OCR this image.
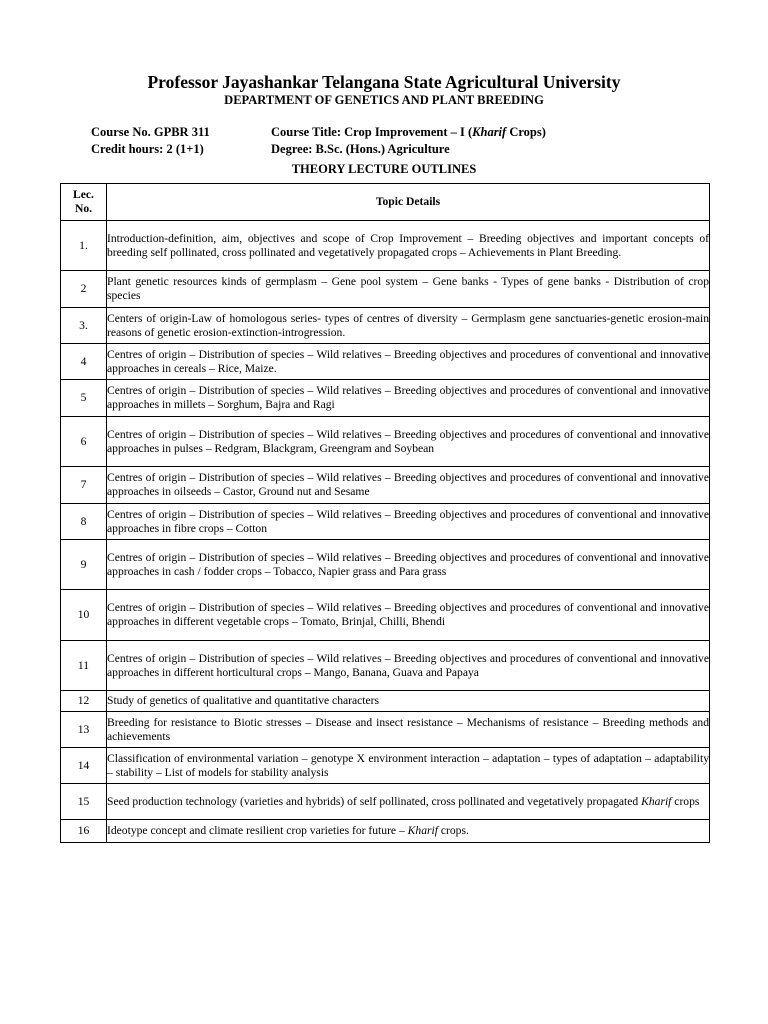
Professor Jayashankar Telangana State Agricultural University
DEPARTMENT OF GENETICS AND PLANT BREEDING
Course No. GPBR 311
Credit hours: 2 (1+1)
Course Title: Crop Improvement – I (Kharif Crops)
Degree: B.Sc. (Hons.) Agriculture
THEORY LECTURE OUTLINES
Lec.
No.	Topic Details
1.	Introduction-definition, aim, objectives and scope of Crop Improvement – Breeding objectives and important concepts of breeding self pollinated, cross pollinated and vegetatively propagated crops – Achievements in Plant Breeding.
2	Plant genetic resources kinds of germplasm – Gene pool system – Gene banks - Types of gene banks - Distribution of crop species
3.	Centers of origin-Law of homologous series- types of centres of diversity – Germplasm gene sanctuaries-genetic erosion-main reasons of genetic erosion-extinction-introgression.
4	Centres of origin – Distribution of species – Wild relatives – Breeding objectives and procedures of conventional and innovative approaches in cereals – Rice, Maize.
5	Centres of origin – Distribution of species – Wild relatives – Breeding objectives and procedures of conventional and innovative approaches in millets – Sorghum, Bajra and Ragi
6	Centres of origin – Distribution of species – Wild relatives – Breeding objectives and procedures of conventional and innovative approaches in pulses – Redgram, Blackgram, Greengram and Soybean
7	Centres of origin – Distribution of species – Wild relatives – Breeding objectives and procedures of conventional and innovative approaches in oilseeds – Castor, Ground nut and Sesame
8	Centres of origin – Distribution of species – Wild relatives – Breeding objectives and procedures of conventional and innovative approaches in fibre crops – Cotton
9	Centres of origin – Distribution of species – Wild relatives – Breeding objectives and procedures of conventional and innovative approaches in cash / fodder crops – Tobacco, Napier grass and Para grass
10	Centres of origin – Distribution of species – Wild relatives – Breeding objectives and procedures of conventional and innovative approaches in different vegetable crops – Tomato, Brinjal, Chilli, Bhendi
11	Centres of origin – Distribution of species – Wild relatives – Breeding objectives and procedures of conventional and innovative approaches in different horticultural crops – Mango, Banana, Guava and Papaya
12	Study of genetics of qualitative and quantitative characters
13	Breeding for resistance to Biotic stresses – Disease and insect resistance – Mechanisms of resistance – Breeding methods and achievements
14	Classification of environmental variation – genotype X environment interaction – adaptation – types of adaptation – adaptability – stability – List of models for stability analysis
15	Seed production technology (varieties and hybrids) of self pollinated, cross pollinated and vegetatively propagated Kharif crops
16	Ideotype concept and climate resilient crop varieties for future – Kharif crops.
